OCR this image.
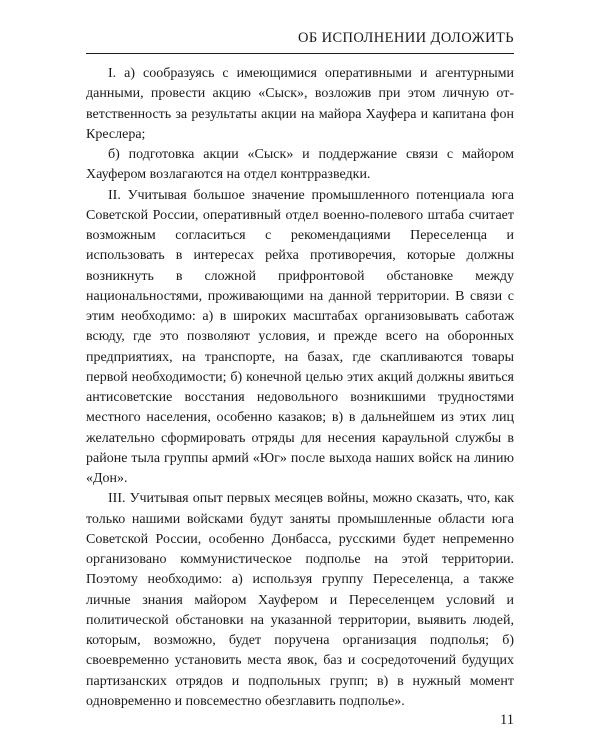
ОБ ИСПОЛНЕНИИ ДОЛОЖИТЬ

I. а) сообразуясь с имеющимися оперативными и агентурными данными, провести акцию «Сыск», возложив при этом личную ответственность за результаты акции на майора Хауфера и капитана фон Креслера;

б) подготовка акции «Сыск» и поддержание связи с майором Хауфером возлагаются на отдел контрразведки.

II. Учитывая большое значение промышленного потенциала юга Советской России, оперативный отдел военно-полевого штаба считает возможным согласиться с рекомендациями Переселенца и использовать в интересах рейха противоречия, которые должны возникнуть в сложной прифронтовой обстановке между национальностями, проживающими на данной территории. В связи с этим необходимо: а) в широких масштабах организовывать саботаж всюду, где это позволяют условия, и прежде всего на оборонных предприятиях, на транспорте, на базах, где скапливаются товары первой необходимости; б) конечной целью этих акций должны явиться антисоветские восстания недовольного возникшими трудностями местного населения, особенно казаков; в) в дальнейшем из этих лиц желательно сформировать отряды для несения караульной службы в районе тыла группы армий «Юг» после выхода наших войск на линию «Дон».

III. Учитывая опыт первых месяцев войны, можно сказать, что, как только нашими войсками будут заняты промышленные области юга Советской России, особенно Донбасса, русскими будет непременно организовано коммунистическое подполье на этой территории. Поэтому необходимо: а) используя группу Переселенца, а также личные знания майором Хауфером и Переселенцем условий и политической обстановки на указанной территории, выявить людей, которым, возможно, будет поручена организация подполья; б) своевременно установить места явок, баз и сосредоточений будущих партизанских отрядов и подпольных групп; в) в нужный момент одновременно и повсеместно обезглавить подполье».

11
